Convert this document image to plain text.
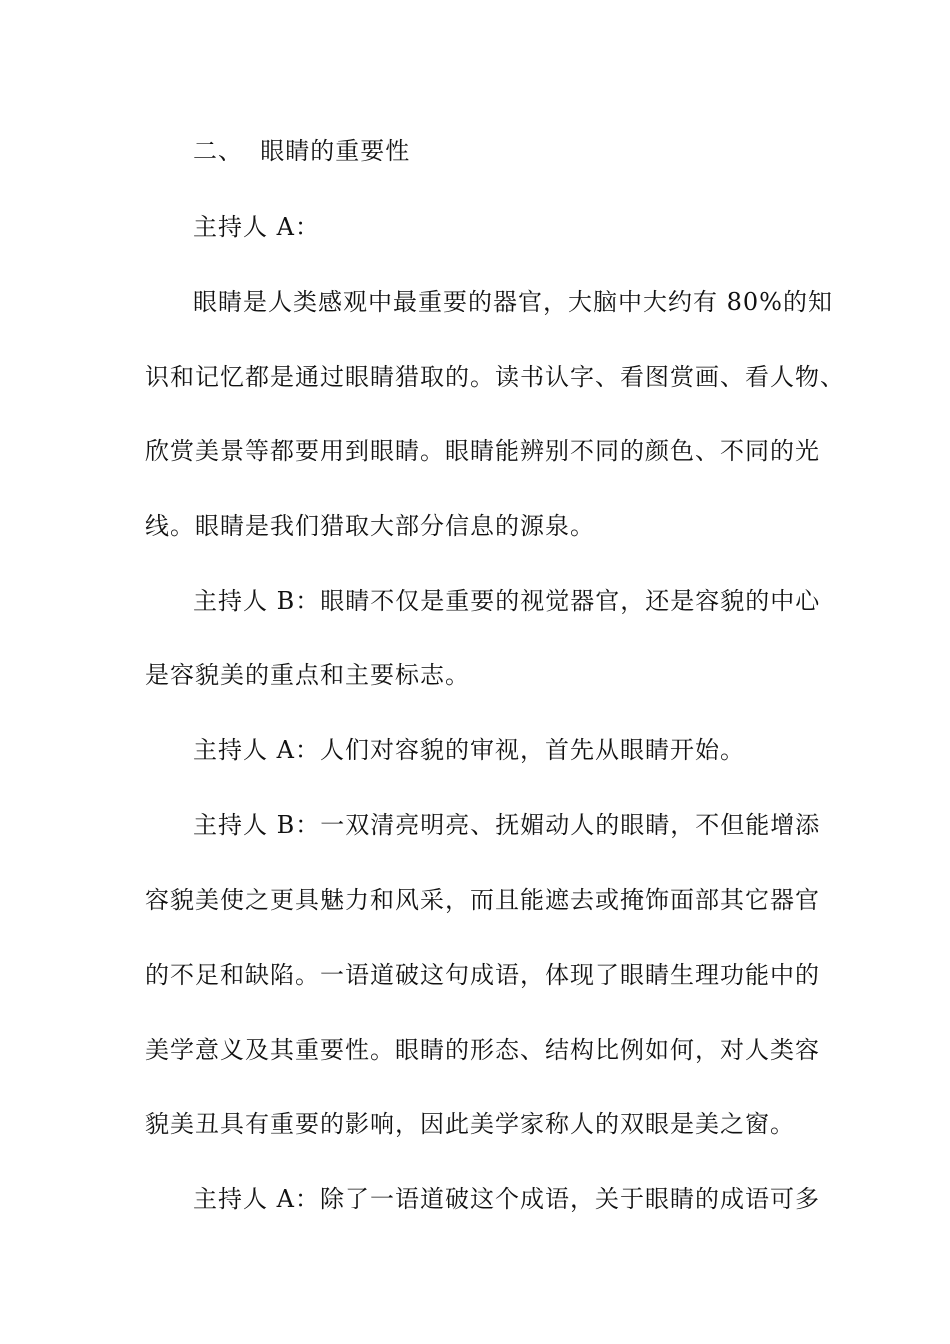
二、  眼睛的重要性
主持人 A：
眼睛是人类感观中最重要的器官，大脑中大约有 80%的知
识和记忆都是通过眼睛猎取的。读书认字、看图赏画、看人物、
欣赏美景等都要用到眼睛。眼睛能辨别不同的颜色、不同的光
线。眼睛是我们猎取大部分信息的源泉。
主持人 B：眼睛不仅是重要的视觉器官，还是容貌的中心
是容貌美的重点和主要标志。
主持人 A：人们对容貌的审视，首先从眼睛开始。
主持人 B：一双清亮明亮、抚媚动人的眼睛，不但能增添
容貌美使之更具魅力和风采，而且能遮去或掩饰面部其它器官
的不足和缺陷。一语道破这句成语，体现了眼睛生理功能中的
美学意义及其重要性。眼睛的形态、结构比例如何，对人类容
貌美丑具有重要的影响，因此美学家称人的双眼是美之窗。
主持人 A：除了一语道破这个成语，关于眼睛的成语可多
